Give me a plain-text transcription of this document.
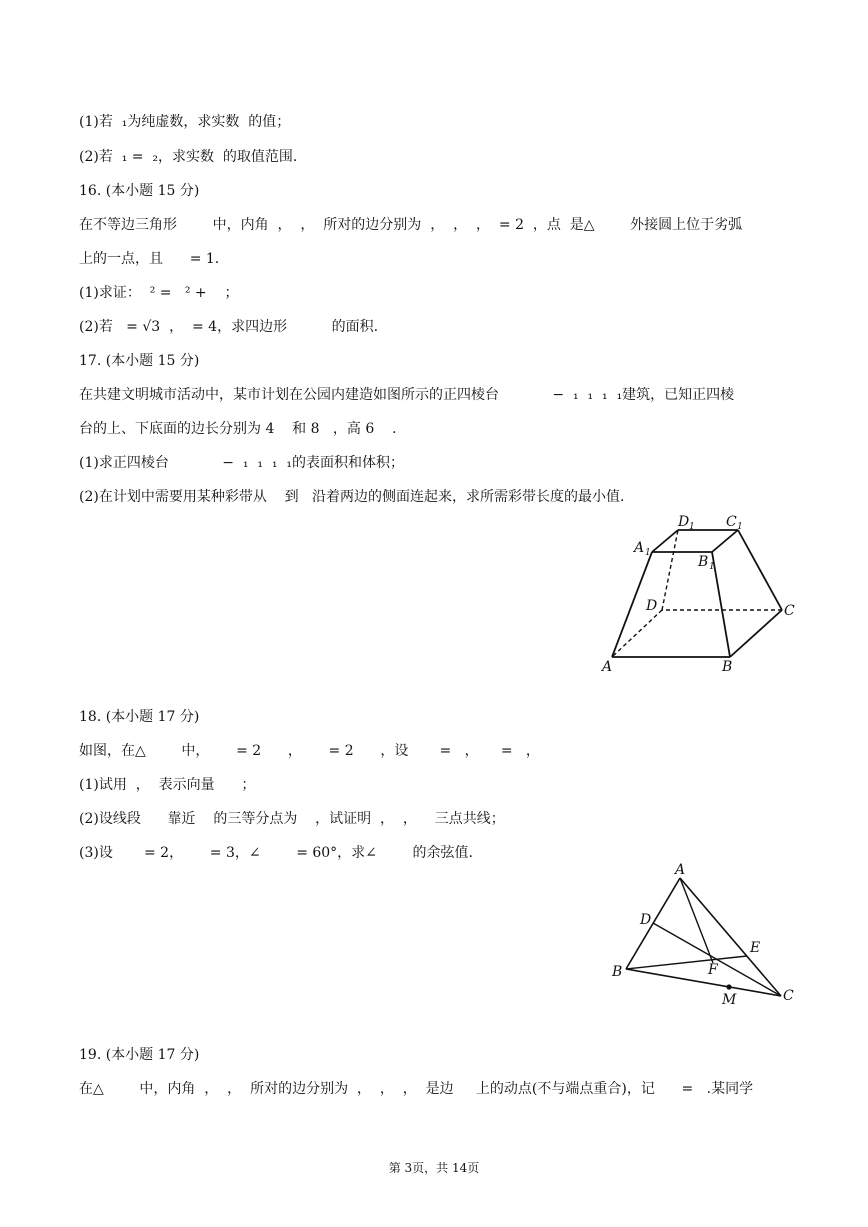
(1)若  ₁为纯虚数，求实数  的值；
(2)若  ₁ =  ₂，求实数  的取值范围.
16. (本小题 15 分)
在不等边三角形        中，内角  ，  ，  所对的边分别为  ，  ，  ，  = 2  ，点  是△        外接圆上位于劣弧
上的一点，且      = 1.
(1)求证：  ² =   ² +    ；
(2)若   = √3  ，  = 4，求四边形          的面积.
17. (本小题 15 分)
在共建文明城市活动中，某市计划在公园内建造如图所示的正四棱台            −  ₁  ₁  ₁  ₁建筑，已知正四棱
台的上、下底面的边长分别为 4    和 8   ，高 6    .
(1)求正四棱台            −  ₁  ₁  ₁  ₁的表面积和体积；
(2)在计划中需要用某种彩带从    到   沿着两边的侧面连起来，求所需彩带长度的最小值.
A	B
C
D
A 1
B 1
C 1
D 1
18. (本小题 17 分)
如图，在△        中，      = 2      ，      = 2      ，设       =   ，     =   ，
(1)试用  ，  表示向量      ；
(2)设线段      靠近    的三等分点为    ，试证明  ，  ，    三点共线；
(3)设       = 2，      = 3，∠        = 60°，求∠        的余弦值.
A
B
C
D
E
F
M
19. (本小题 17 分)
在△        中，内角  ，  ，  所对的边分别为  ，  ，  ，  是边     上的动点(不与端点重合)，记      =   .某同学
第 3页，共 14页
